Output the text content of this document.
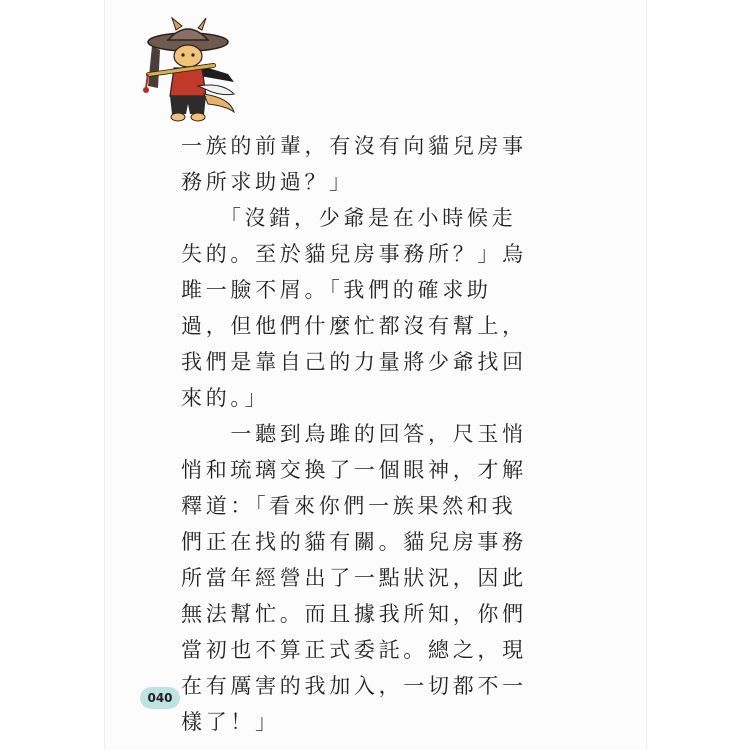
一族的前輩，有沒有向貓兒房事
務所求助過？」
　　「沒錯，少爺是在小時候走
失的。至於貓兒房事務所？」烏
雎一臉不屑。「我們的確求助
過，但他們什麼忙都沒有幫上，
我們是靠自己的力量將少爺找回
來的。」
　　一聽到烏雎的回答，尺玉悄
悄和琉璃交換了一個眼神，才解
釋道：「看來你們一族果然和我
們正在找的貓有關。貓兒房事務
所當年經營出了一點狀況，因此
無法幫忙。而且據我所知，你們
當初也不算正式委託。總之，現
在有厲害的我加入，一切都不一
樣了！」
040
